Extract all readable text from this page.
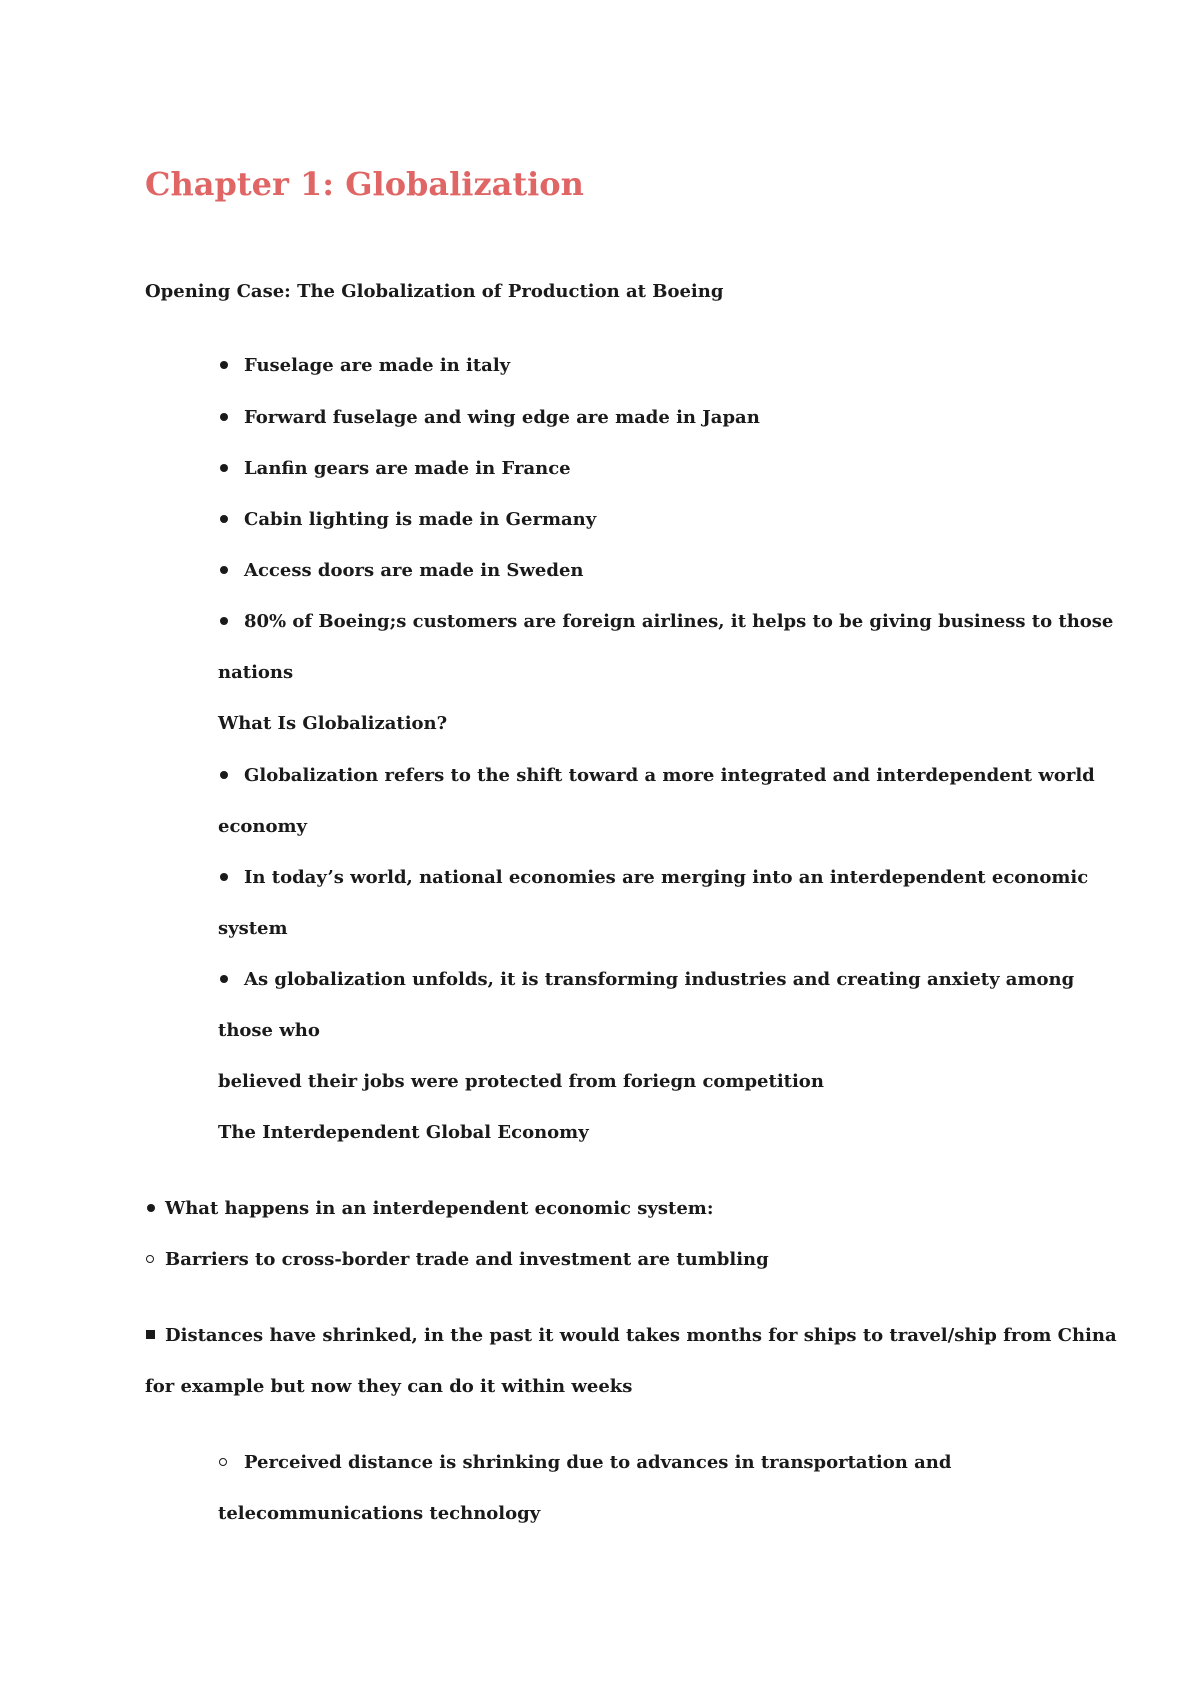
Chapter 1: Globalization
Opening Case: The Globalization of Production at Boeing
Fuselage are made in italy
Forward fuselage and wing edge are made in Japan
Lanfin gears are made in France
Cabin lighting is made in Germany
Access doors are made in Sweden
80% of Boeing;s customers are foreign airlines, it helps to be giving business to those
nations
What Is Globalization?
Globalization refers to the shift toward a more integrated and interdependent world
economy
In today’s world, national economies are merging into an interdependent economic
system
As globalization unfolds, it is transforming industries and creating anxiety among
those who
believed their jobs were protected from foriegn competition
The Interdependent Global Economy
What happens in an interdependent economic system:
Barriers to cross-border trade and investment are tumbling
Distances have shrinked, in the past it would takes months for ships to travel/ship from China
for example but now they can do it within weeks
Perceived distance is shrinking due to advances in transportation and
telecommunications technology
